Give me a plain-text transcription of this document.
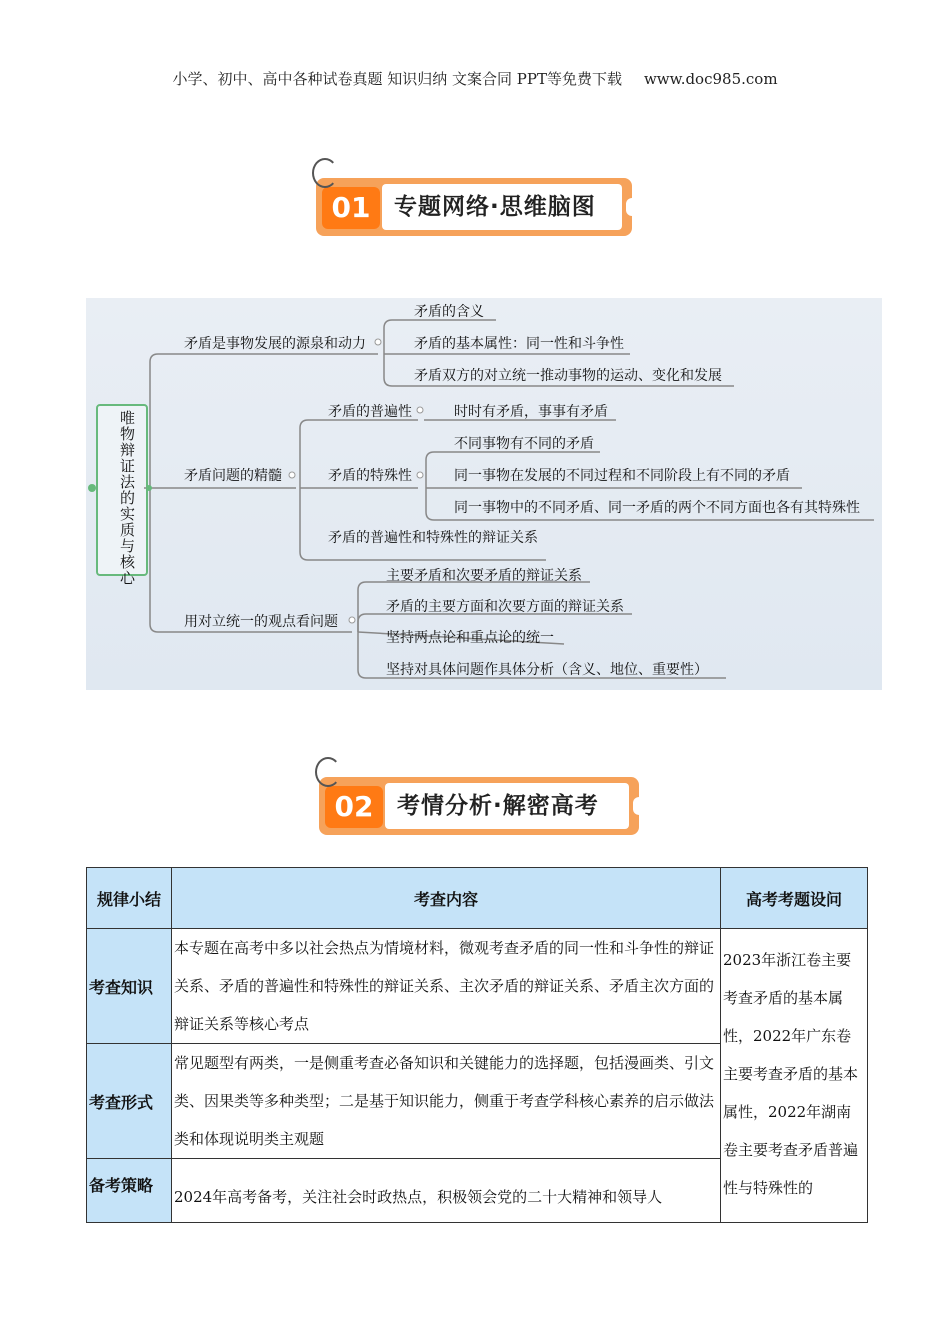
小学、初中、高中各种试卷真题 知识归纳 文案合同 PPT等免费下载 www.doc985.com
01	专题网络·思维脑图
唯物辩证法的实质与核心
矛盾是事物发展的源泉和动力
矛盾的含义
矛盾的基本属性：同一性和斗争性
矛盾双方的对立统一推动事物的运动、变化和发展
矛盾问题的精髓
矛盾的普遍性	时时有矛盾，事事有矛盾
矛盾的特殊性
不同事物有不同的矛盾
同一事物在发展的不同过程和不同阶段上有不同的矛盾
同一事物中的不同矛盾、同一矛盾的两个不同方面也各有其特殊性
矛盾的普遍性和特殊性的辩证关系
用对立统一的观点看问题
主要矛盾和次要矛盾的辩证关系
矛盾的主要方面和次要方面的辩证关系
坚持两点论和重点论的统一
坚持对具体问题作具体分析（含义、地位、重要性）
02	考情分析·解密高考
规律小结	考查内容	高考考题设问
考查知识	本专题在高考中多以社会热点为情境材料，微观考查矛盾的同一性和斗争性的辩证关系、矛盾的普遍性和特殊性的辩证关系、主次矛盾的辩证关系、矛盾主次方面的辩证关系等核心考点	2023年浙江卷主要考查矛盾的基本属性，2022年广东卷主要考查矛盾的基本属性，2022年湖南卷主要考查矛盾普遍性与特殊性的
考查形式	常见题型有两类，一是侧重考查必备知识和关键能力的选择题，包括漫画类、引文类、因果类等多种类型；二是基于知识能力，侧重于考查学科核心素养的启示做法类和体现说明类主观题	
备考策略	2024年高考备考，关注社会时政热点，积极领会党的二十大精神和领导人	
